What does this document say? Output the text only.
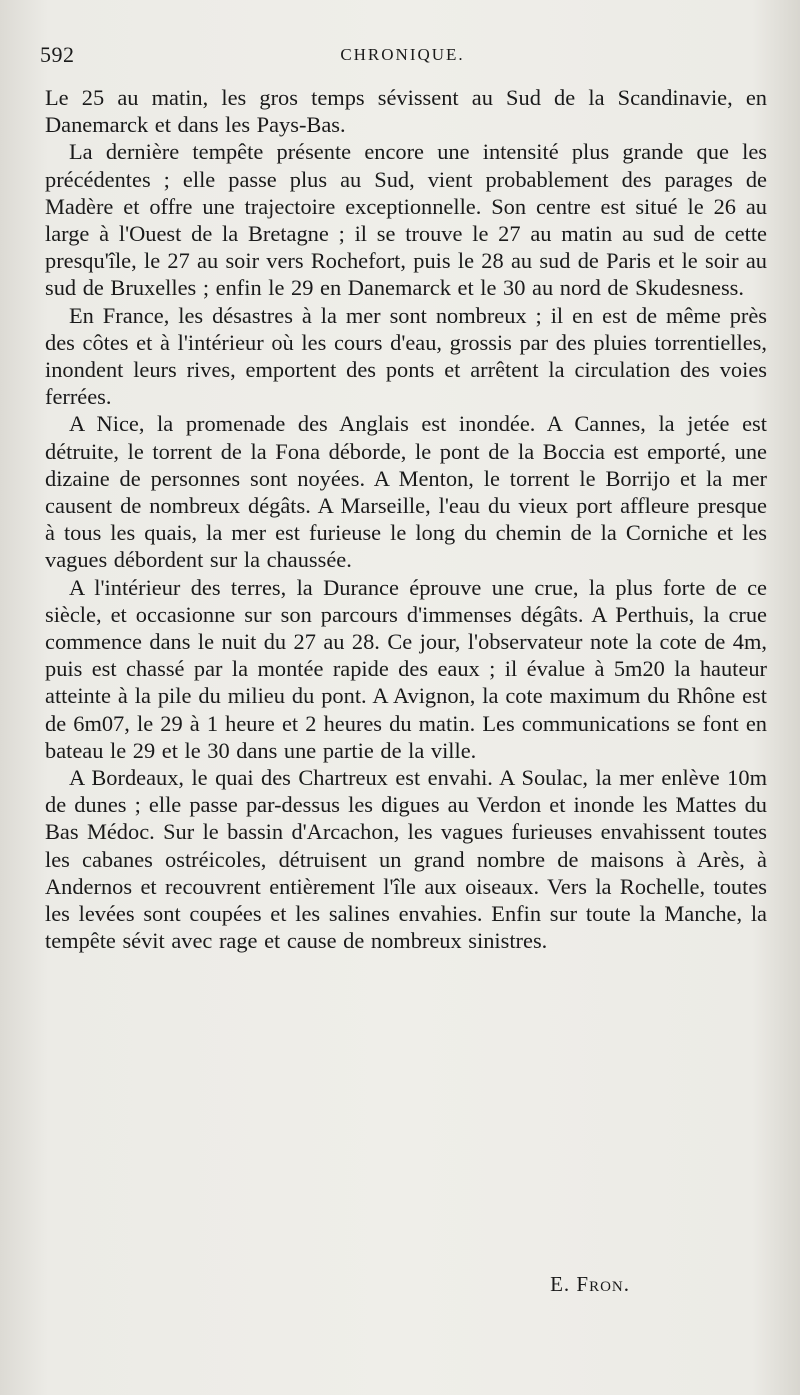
592	CHRONIQUE.

Le 25 au matin, les gros temps sévissent au Sud de la Scandinavie, en Danemarck et dans les Pays-Bas.

La dernière tempête présente encore une intensité plus grande que les précédentes ; elle passe plus au Sud, vient probablement des parages de Madère et offre une trajectoire exceptionnelle. Son centre est situé le 26 au large à l'Ouest de la Bretagne ; il se trouve le 27 au matin au sud de cette presqu'île, le 27 au soir vers Rochefort, puis le 28 au sud de Paris et le soir au sud de Bruxelles ; enfin le 29 en Danemarck et le 30 au nord de Skudesness.

En France, les désastres à la mer sont nombreux ; il en est de même près des côtes et à l'intérieur où les cours d'eau, grossis par des pluies torrentielles, inondent leurs rives, emportent des ponts et arrêtent la circulation des voies ferrées.

A Nice, la promenade des Anglais est inondée. A Cannes, la jetée est détruite, le torrent de la Fona déborde, le pont de la Boccia est emporté, une dizaine de personnes sont noyées. A Menton, le torrent le Borrijo et la mer causent de nombreux dégâts. A Marseille, l'eau du vieux port affleure presque à tous les quais, la mer est furieuse le long du chemin de la Corniche et les vagues débordent sur la chaussée.

A l'intérieur des terres, la Durance éprouve une crue, la plus forte de ce siècle, et occasionne sur son parcours d'immenses dégâts. A Perthuis, la crue commence dans le nuit du 27 au 28. Ce jour, l'observateur note la cote de 4m, puis est chassé par la montée rapide des eaux ; il évalue à 5m20 la hauteur atteinte à la pile du milieu du pont. A Avignon, la cote maximum du Rhône est de 6m07, le 29 à 1 heure et 2 heures du matin. Les communications se font en bateau le 29 et le 30 dans une partie de la ville.

A Bordeaux, le quai des Chartreux est envahi. A Soulac, la mer enlève 10m de dunes ; elle passe par-dessus les digues au Verdon et inonde les Mattes du Bas Médoc. Sur le bassin d'Arcachon, les vagues furieuses envahissent toutes les cabanes ostréicoles, détruisent un grand nombre de maisons à Arès, à Andernos et recouvrent entièrement l'île aux oiseaux. Vers la Rochelle, toutes les levées sont coupées et les salines envahies. Enfin sur toute la Manche, la tempête sévit avec rage et cause de nombreux sinistres.

E. Fron.
